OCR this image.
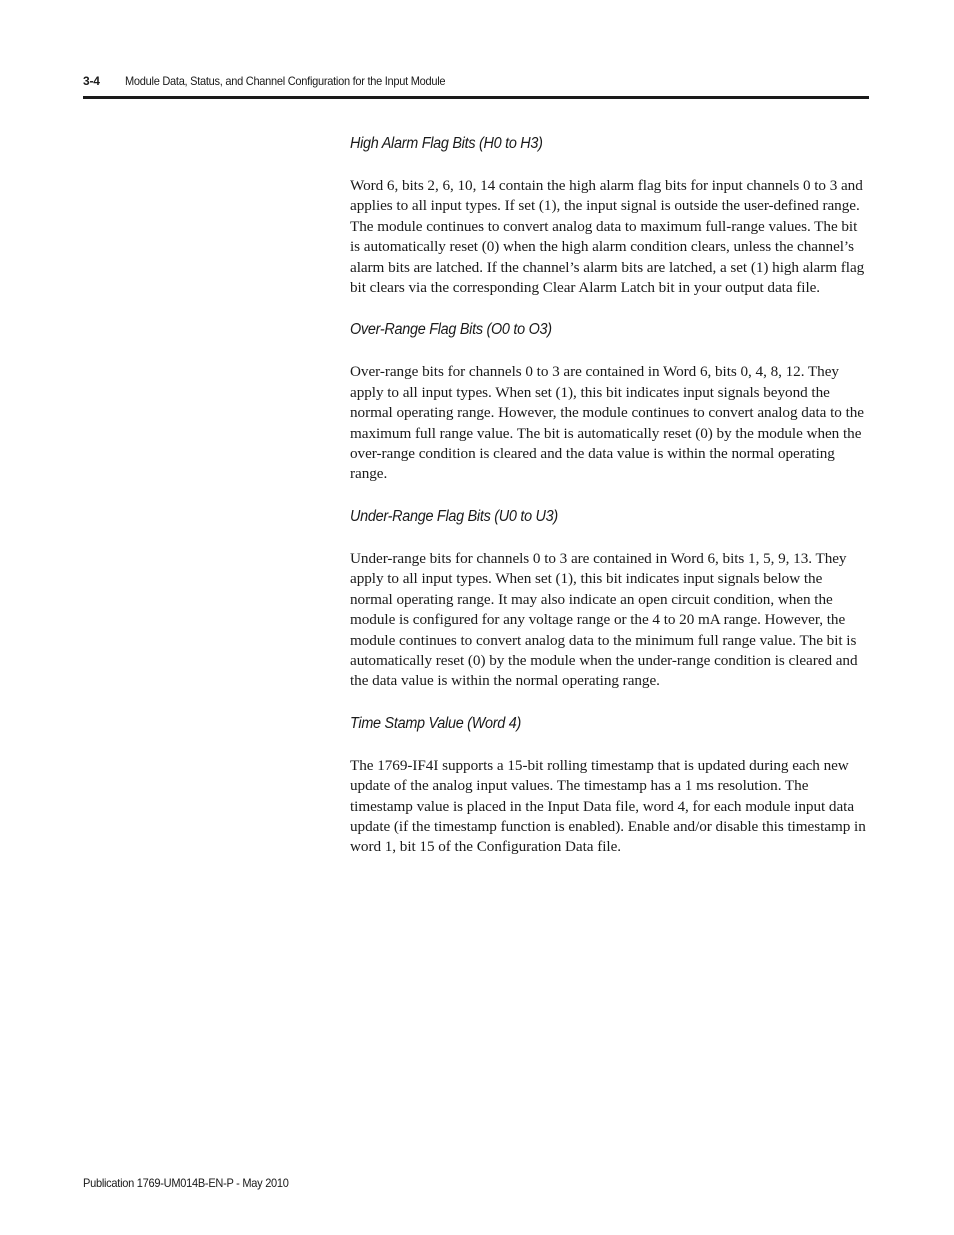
3-4 Module Data, Status, and Channel Configuration for the Input Module
High Alarm Flag Bits (H0 to H3)

Word 6, bits 2, 6, 10, 14 contain the high alarm flag bits for input channels 0 to 3 and applies to all input types. If set (1), the input signal is outside the user-defined range. The module continues to convert analog data to maximum full-range values. The bit is automatically reset (0) when the high alarm condition clears, unless the channel’s alarm bits are latched. If the channel’s alarm bits are latched, a set (1) high alarm flag bit clears via the corresponding Clear Alarm Latch bit in your output data file.

Over-Range Flag Bits (O0 to O3)

Over-range bits for channels 0 to 3 are contained in Word 6, bits 0, 4, 8, 12. They apply to all input types. When set (1), this bit indicates input signals beyond the normal operating range. However, the module continues to convert analog data to the maximum full range value. The bit is automatically reset (0) by the module when the over-range condition is cleared and the data value is within the normal operating range.

Under-Range Flag Bits (U0 to U3)

Under-range bits for channels 0 to 3 are contained in Word 6, bits 1, 5, 9, 13. They apply to all input types. When set (1), this bit indicates input signals below the normal operating range. It may also indicate an open circuit condition, when the module is configured for any voltage range or the 4 to 20 mA range. However, the module continues to convert analog data to the minimum full range value. The bit is automatically reset (0) by the module when the under-range condition is cleared and the data value is within the normal operating range.

Time Stamp Value (Word 4)

The 1769-IF4I supports a 15-bit rolling timestamp that is updated during each new update of the analog input values. The timestamp has a 1 ms resolution. The timestamp value is placed in the Input Data file, word 4, for each module input data update (if the timestamp function is enabled). Enable and/or disable this timestamp in word 1, bit 15 of the Configuration Data file.

Publication 1769-UM014B-EN-P - May 2010
